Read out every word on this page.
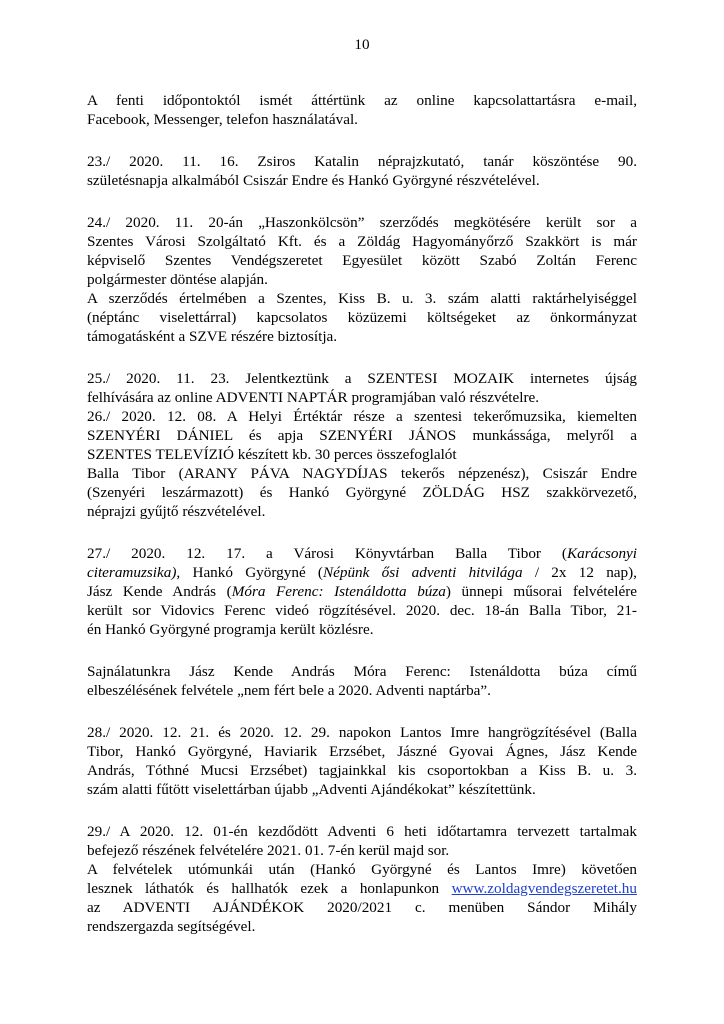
10
A fenti időpontoktól ismét áttértünk az online kapcsolattartásra e-mail,
Facebook, Messenger, telefon használatával.
23./ 2020. 11. 16. Zsiros Katalin néprajzkutató, tanár köszöntése 90.
születésnapja alkalmából Csiszár Endre és Hankó Györgyné részvételével.
24./ 2020. 11. 20-án „Haszonkölcsön” szerződés megkötésére került sor a
Szentes Városi Szolgáltató Kft. és a Zöldág Hagyományőrző Szakkört is már
képviselő Szentes Vendégszeretet Egyesület között Szabó Zoltán Ferenc
polgármester döntése alapján.
A szerződés értelmében a Szentes, Kiss B. u. 3. szám alatti raktárhelyiséggel
(néptánc viselettárral) kapcsolatos közüzemi költségeket az önkormányzat
támogatásként a SZVE részére biztosítja.
25./ 2020. 11. 23. Jelentkeztünk a SZENTESI MOZAIK internetes újság
felhívására az online ADVENTI NAPTÁR programjában való részvételre.
26./ 2020. 12. 08. A Helyi Értéktár része a szentesi tekerőmuzsika, kiemelten
SZENYÉRI DÁNIEL és apja SZENYÉRI JÁNOS munkássága, melyről a
SZENTES TELEVÍZIÓ készített kb. 30 perces összefoglalót
Balla Tibor (ARANY PÁVA NAGYDÍJAS tekerős népzenész), Csiszár Endre
(Szenyéri leszármazott) és Hankó Györgyné ZÖLDÁG HSZ szakkörvezető,
néprajzi gyűjtő részvételével.
27./ 2020. 12. 17. a Városi Könyvtárban Balla Tibor (Karácsonyi
citeramuzsika), Hankó Györgyné (Népünk ősi adventi hitvilága / 2x 12 nap),
Jász Kende András (Móra Ferenc: Istenáldotta búza) ünnepi műsorai felvételére
került sor Vidovics Ferenc videó rögzítésével. 2020. dec. 18-án Balla Tibor, 21-
én Hankó Györgyné programja került közlésre.
Sajnálatunkra Jász Kende András Móra Ferenc: Istenáldotta búza című
elbeszélésének felvétele „nem fért bele a 2020. Adventi naptárba”.
28./ 2020. 12. 21. és 2020. 12. 29. napokon Lantos Imre hangrögzítésével (Balla
Tibor, Hankó Györgyné, Haviarik Erzsébet, Jászné Gyovai Ágnes, Jász Kende
András, Tóthné Mucsi Erzsébet) tagjainkkal kis csoportokban a Kiss B. u. 3.
szám alatti fűtött viselettárban újabb „Adventi Ajándékokat” készítettünk.
29./ A 2020. 12. 01-én kezdődött Adventi 6 heti időtartamra tervezett tartalmak
befejező részének felvételére 2021. 01. 7-én kerül majd sor.
A felvételek utómunkái után (Hankó Györgyné és Lantos Imre) követően
lesznek láthatók és hallhatók ezek a honlapunkon www.zoldagvendegszeretet.hu
az ADVENTI AJÁNDÉKOK 2020/2021 c. menüben Sándor Mihály
rendszergazda segítségével.
